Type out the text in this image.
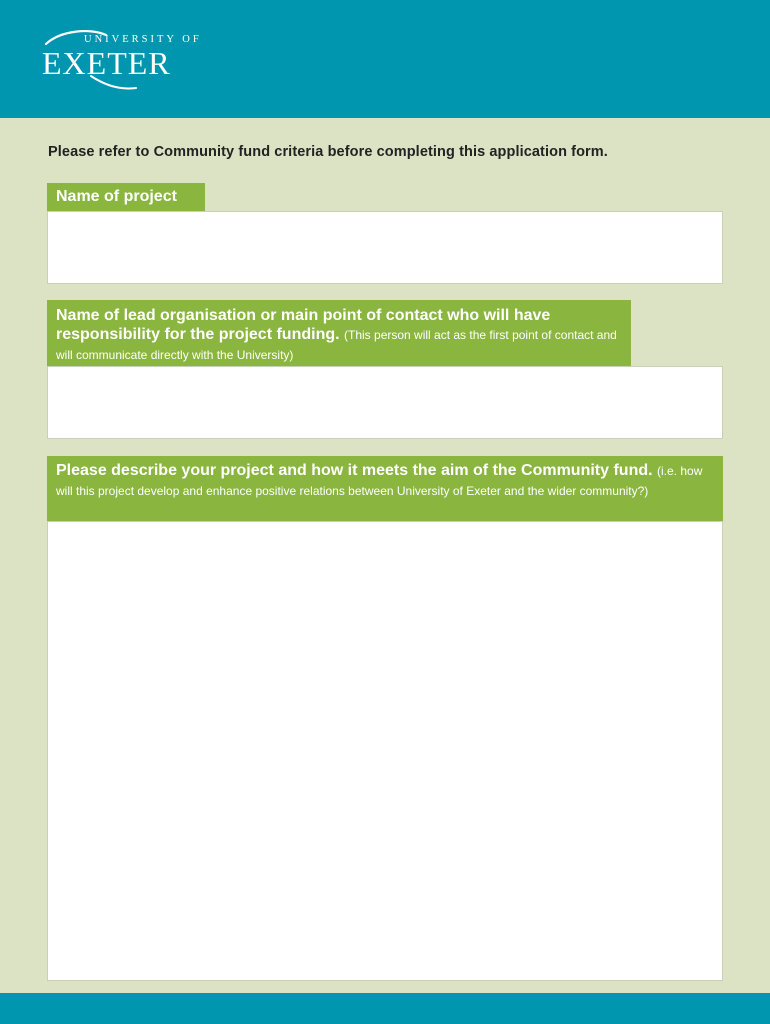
UNIVERSITY OF
EXETER
Please refer to Community fund criteria before completing this application form.
Name of project
Name of lead organisation or main point of contact who will have responsibility for the project funding. (This person will act as the first point of contact and will communicate directly with the University)
Please describe your project and how it meets the aim of the Community fund. (i.e. how will this project develop and enhance positive relations between University of Exeter and the wider community?)
